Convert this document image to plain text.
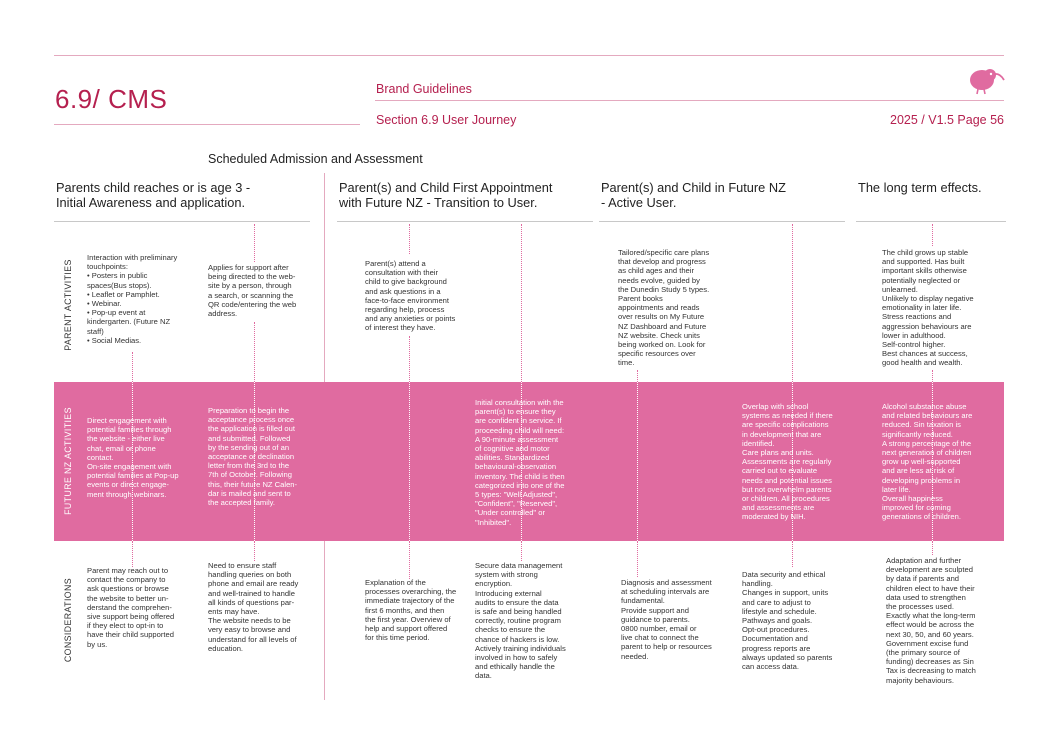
6.9/ CMS	Brand Guidelines
Section 6.9 User Journey	2025 / V1.5 Page 56
Scheduled Admission and Assessment
Parents child reaches or is age 3 -
Initial Awareness and application.
Parent(s) and Child First Appointment
with Future NZ - Transition to User.
Parent(s) and Child in Future NZ
- Active User.
The long term effects.
PARENT ACTIVITIES
FUTURE NZ ACTIVITIES
CONSIDERATIONS
Interaction with preliminary
touchpoints:
• Posters in public
spaces(Bus stops).
• Leaflet or Pamphlet.
• Webinar.
• Pop-up event at
kindergarten. (Future NZ
staff)
• Social Medias.
Applies for support after
being directed to the web-
site by a person, through
a search, or scanning the
QR code/entering the web
address.
Parent(s) attend a
consultation with their
child to give background
and ask questions in a
face-to-face environment
regarding help, process
and any anxieties or points
of interest they have.
Tailored/specific care plans
that develop and progress
as child ages and their
needs evolve, guided by
the Dunedin Study 5 types.
Parent books
appointments and reads
over results on My Future
NZ Dashboard and Future
NZ website. Check units
being worked on. Look for
specific resources over
time.
The child grows up stable
and supported. Has built
important skills otherwise
potentially neglected or
unlearned.
Unlikely to display negative
emotionality in later life.
Stress reactions and
aggression behaviours are
lower in adulthood.
Self-control higher.
Best chances at success,
good health and wealth.
Direct engagement with
potential families through
the website - either live
chat, email or phone
contact.
On-site engagement with
potential families at Pop-up
events or direct engage-
ment through webinars.
Preparation to begin the
acceptance process once
the application is filled out
and submitted. Followed
by the sending out of an
acceptance or declination
letter from the 3rd to the
7th of October. Following
this, their future NZ Calen-
dar is mailed and sent to
the accepted family.
Initial consultation with the
parent(s) to ensure they
are confident in service. If
proceeding child will need:
A 90-minute assessment
of cognitive and motor
abilities. Standardized
behavioural-observation
inventory. The child is then
categorized into one of the
5 types: "Well Adjusted",
"Confident", "Reserved",
"Under controlled" or
"Inhibited".
Overlap with school
systems as needed if there
are specific complications
in development that are
identified.
Care plans and units.
Assessments are regularly
carried out to evaluate
needs and potential issues
but not overwhelm parents
or children. All procedures
and assessments are
moderated by NIH.
Alcohol substance abuse
and related behaviours are
reduced. Sin taxation is
significantly reduced.
A strong percentage of the
next generation of children
grow up well-supported
and are less at risk of
developing problems in
later life.
Overall happiness
improved for coming
generations of children.
Parent may reach out to
contact the company to
ask questions or browse
the website to better un-
derstand the comprehen-
sive support being offered
if they elect to opt-in to
have their child supported
by us.
Need to ensure staff
handling queries on both
phone and email are ready
and well-trained to handle
all kinds of questions par-
ents may have.
The website needs to be
very easy to browse and
understand for all levels of
education.
Explanation of the
processes overarching, the
immediate trajectory of the
first 6 months, and then
the first year. Overview of
help and support offered
for this time period.
Secure data management
system with strong
encryption.
Introducing external
audits to ensure the data
is safe and being handled
correctly, routine program
checks to ensure the
chance of hackers is low.
Actively training individuals
involved in how to safely
and ethically handle the
data.
Diagnosis and assessment
at scheduling intervals are
fundamental.
Provide support and
guidance to parents.
0800 number, email or
live chat to connect the
parent to help or resources
needed.
Data security and ethical
handling.
Changes in support, units
and care to adjust to
lifestyle and schedule.
Pathways and goals.
Opt-out procedures.
Documentation and
progress reports are
always updated so parents
can access data.
Adaptation and further
development are sculpted
by data if parents and
children elect to have their
data used to strengthen
the processes used.
Exactly what the long-term
effect would be across the
next 30, 50, and 60 years.
Government excise fund
(the primary source of
funding) decreases as Sin
Tax is decreasing to match
majority behaviours.
